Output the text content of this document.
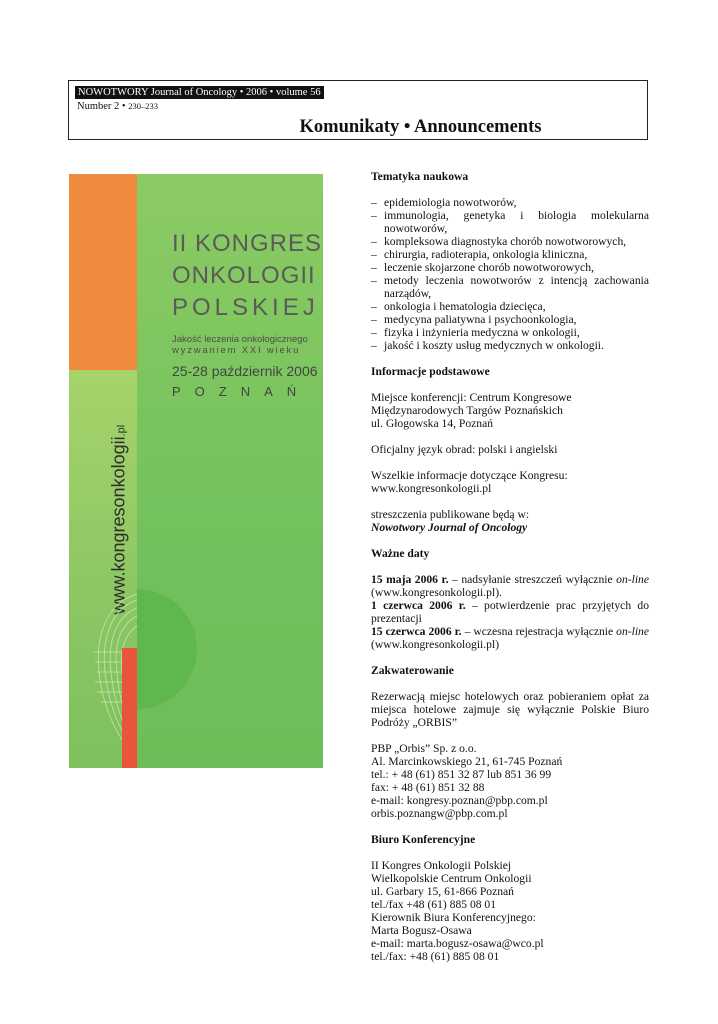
NOWOTWORY Journal of Oncology • 2006 • volume 56
Number 2 • 230–233
Komunikaty • Announcements
II KONGRES
ONKOLOGII
POLSKIEJ
Jakość leczenia onkologicznego
wyzwaniem XXI wieku
25-28 październik 2006
POZNAŃ
www.kongresonkologii.pl
Tematyka naukowa
– epidemiologia nowotworów,
– immunologia, genetyka i biologia molekularna nowotworów,
– kompleksowa diagnostyka chorób nowotworowych,
– chirurgia, radioterapia, onkologia kliniczna,
– leczenie skojarzone chorób nowotworowych,
– metody leczenia nowotworów z intencją zachowania narządów,
– onkologia i hematologia dziecięca,
– medycyna paliatywna i psychoonkologia,
– fizyka i inżynieria medyczna w onkologii,
– jakość i koszty usług medycznych w onkologii.
Informacje podstawowe

Miejsce konferencji: Centrum Kongresowe

Międzynarodowych Targów Poznańskich

ul. Głogowska 14, Poznań

Oficjalny język obrad: polski i angielski

Wszelkie informacje dotyczące Kongresu:

www.kongresonkologii.pl

streszczenia publikowane będą w:

Nowotwory Journal of Oncology

Ważne daty

15 maja 2006 r. – nadsyłanie streszczeń wyłącznie on-line (www.kongresonkologii.pl).

1 czerwca 2006 r. – potwierdzenie prac przyjętych do prezentacji

15 czerwca 2006 r. – wczesna rejestracja wyłącznie on-line (www.kongresonkologii.pl)

Zakwaterowanie

Rezerwacją miejsc hotelowych oraz pobieraniem opłat za miejsca hotelowe zajmuje się wyłącznie Polskie Biuro Podróży „ORBIS”

PBP „Orbis” Sp. z o.o.

Al. Marcinkowskiego 21, 61-745 Poznań

tel.: + 48 (61) 851 32 87 lub 851 36 99

fax: + 48 (61) 851 32 88

e-mail: kongresy.poznan@pbp.com.pl

orbis.poznangw@pbp.com.pl

Biuro Konferencyjne

II Kongres Onkologii Polskiej

Wielkopolskie Centrum Onkologii

ul. Garbary 15, 61-866 Poznań

tel./fax +48 (61) 885 08 01

Kierownik Biura Konferencyjnego:

Marta Bogusz-Osawa

e-mail: marta.bogusz-osawa@wco.pl

tel./fax: +48 (61) 885 08 01
